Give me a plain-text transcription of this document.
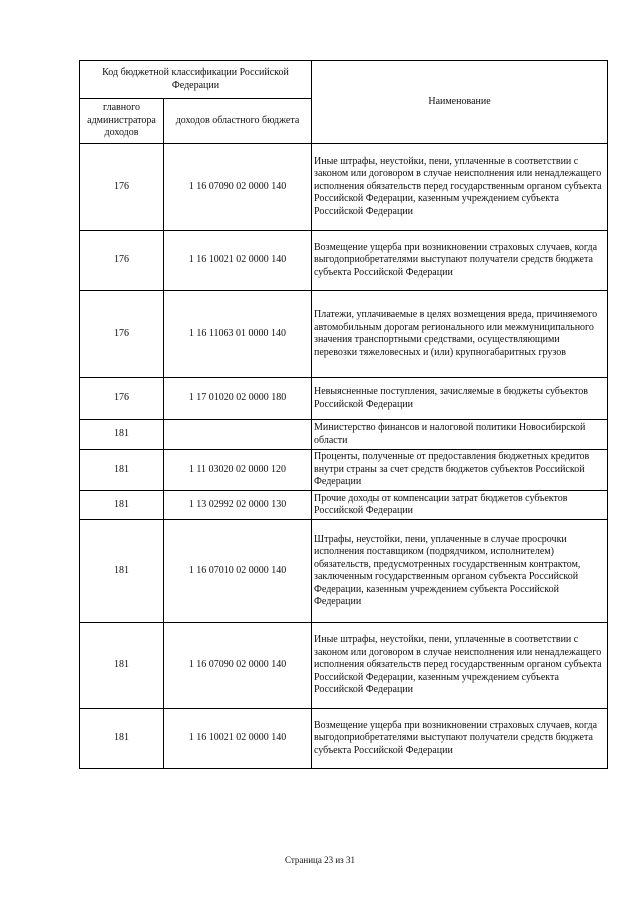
Код бюджетной классификации Российской Федерации		Наименование
главного администратора доходов	доходов областного бюджета	
176	1 16 07090 02 0000 140	Иные штрафы, неустойки, пени, уплаченные в соответствии с законом или договором в случае неисполнения или ненадлежащего исполнения обязательств перед государственным органом субъекта Российской Федерации, казенным учреждением субъекта Российской Федерации
176	1 16 10021 02 0000 140	Возмещение ущерба при возникновении страховых случаев, когда выгодоприобретателями выступают получатели средств бюджета субъекта Российской Федерации
176	1 16 11063 01 0000 140	Платежи, уплачиваемые в целях возмещения вреда, причиняемого автомобильным дорогам регионального или межмуниципального значения транспортными средствами, осуществляющими перевозки тяжеловесных и (или) крупногабаритных грузов
176	1 17 01020 02 0000 180	Невыясненные поступления, зачисляемые в бюджеты субъектов Российской Федерации
181		Министерство финансов и налоговой политики Новосибирской области
181	1 11 03020 02 0000 120	Проценты, полученные от предоставления бюджетных кредитов внутри страны за счет средств бюджетов субъектов Российской Федерации
181	1 13 02992 02 0000 130	Прочие доходы от компенсации затрат бюджетов субъектов Российской Федерации
181	1 16 07010 02 0000 140	Штрафы, неустойки, пени, уплаченные в случае просрочки исполнения поставщиком (подрядчиком, исполнителем) обязательств, предусмотренных государственным контрактом, заключенным государственным органом субъекта Российской Федерации, казенным учреждением субъекта Российской Федерации
181	1 16 07090 02 0000 140	Иные штрафы, неустойки, пени, уплаченные в соответствии с законом или договором в случае неисполнения или ненадлежащего исполнения обязательств перед государственным органом субъекта Российской Федерации, казенным учреждением субъекта Российской Федерации
181	1 16 10021 02 0000 140	Возмещение ущерба при возникновении страховых случаев, когда выгодоприобретателями выступают получатели средств бюджета субъекта Российской Федерации
Страница 23 из 31
